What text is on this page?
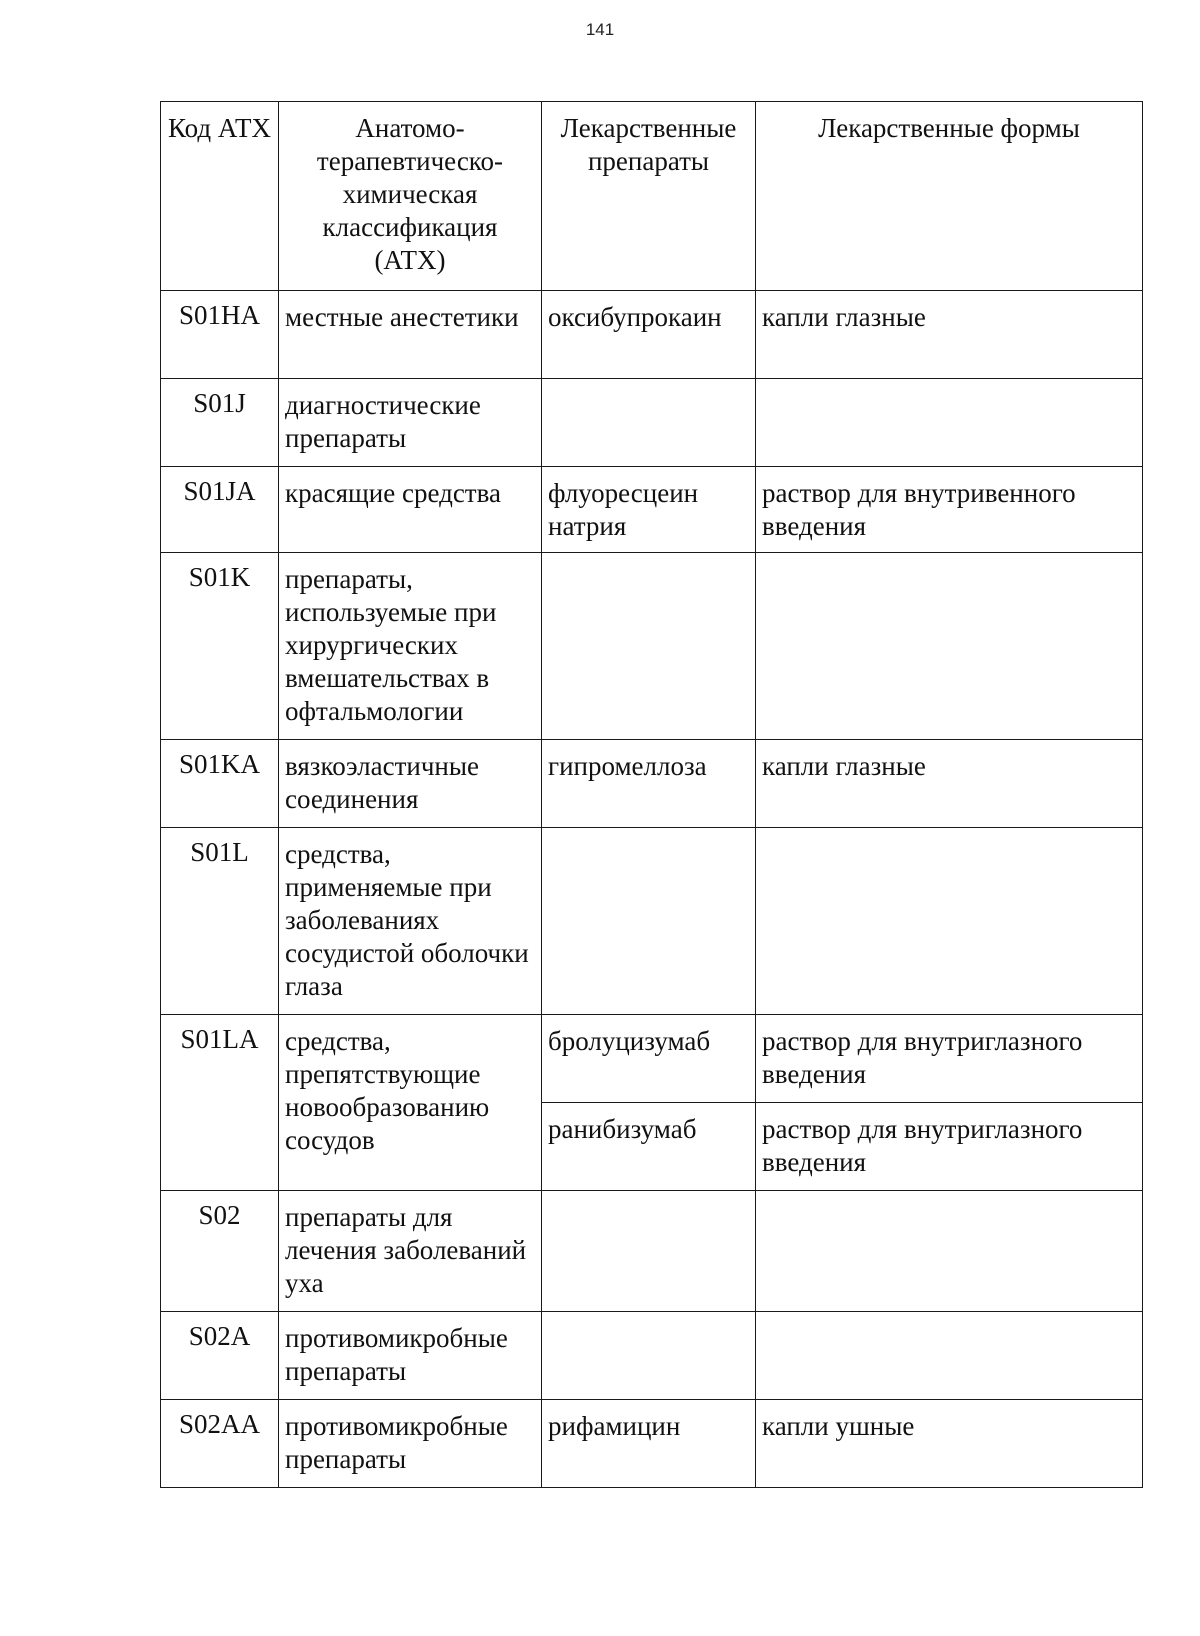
141
Код АТХ	Анатомо-терапевтическо-химическая классификация (АТХ)	Лекарственные препараты	Лекарственные формы
S01HA	местные анестетики	оксибупрокаин	капли глазные
S01J	диагностические препараты		
S01JA	красящие средства	флуоресцеин натрия	раствор для внутривенного введения
S01K	препараты, используемые при хирургических вмешательствах в офтальмологии		
S01KA	вязкоэластичные соединения	гипромеллоза	капли глазные
S01L	средства, применяемые при заболеваниях сосудистой оболочки глаза		
S01LA	средства, препятствующие новообразованию сосудов	бролуцизумаб	раствор для внутриглазного введения
		ранибизумаб	раствор для внутриглазного введения
S02	препараты для лечения заболеваний уха		
S02A	противомикробные препараты		
S02AA	противомикробные препараты	рифамицин	капли ушные
